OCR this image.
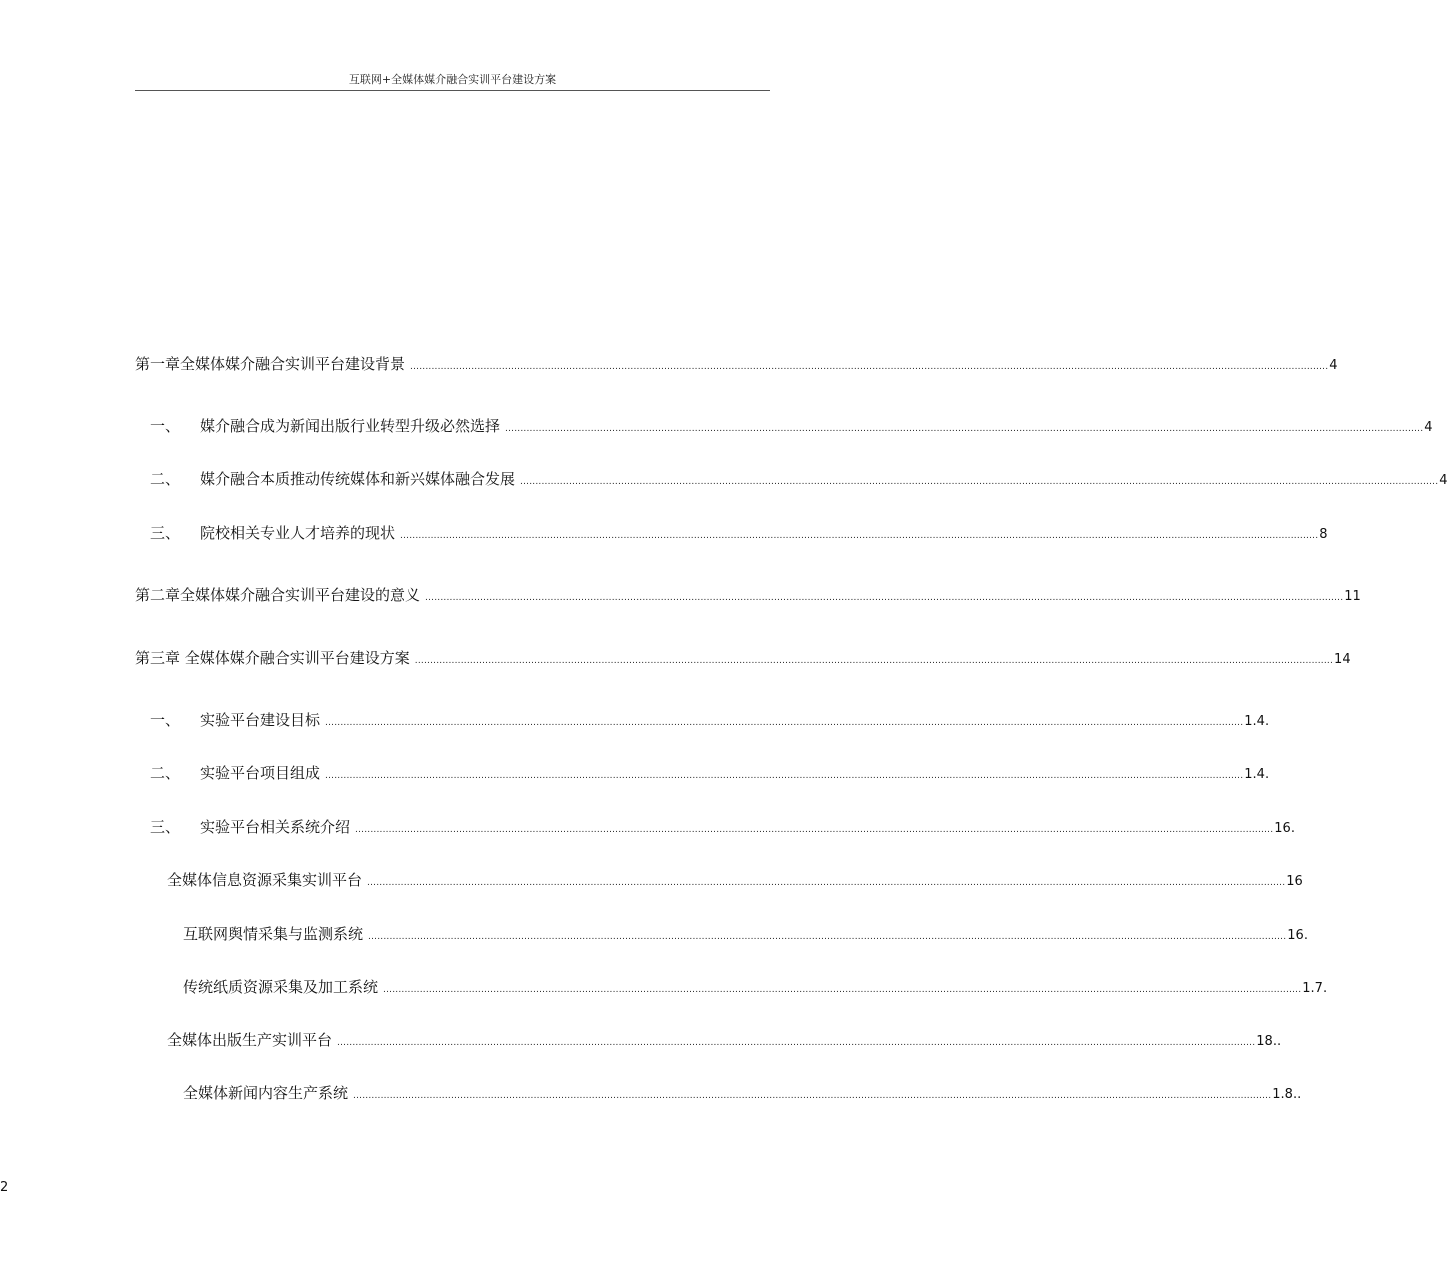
互联网+全媒体媒介融合实训平台建设方案
第一章全媒体媒介融合实训平台建设背景 ............................................................................................................................................................................................................................................................................................................ 4
一、	媒介融合成为新闻出版行业转型升级必然选择 ............................................................................................................................................................................................................................................................................................................ 4
二、	媒介融合本质推动传统媒体和新兴媒体融合发展 ............................................................................................................................................................................................................................................................................................................ 4
三、	院校相关专业人才培养的现状 ............................................................................................................................................................................................................................................................................................................ 8
第二章全媒体媒介融合实训平台建设的意义 ............................................................................................................................................................................................................................................................................................................ 11
第三章 全媒体媒介融合实训平台建设方案 ............................................................................................................................................................................................................................................................................................................ 14
一、	实验平台建设目标 ............................................................................................................................................................................................................................................................................................................ 1.4.
二、	实验平台项目组成 ............................................................................................................................................................................................................................................................................................................ 1.4.
三、	实验平台相关系统介绍 ............................................................................................................................................................................................................................................................................................................ 16.
全媒体信息资源采集实训平台 ............................................................................................................................................................................................................................................................................................................ 16
互联网舆情采集与监测系统 ............................................................................................................................................................................................................................................................................................................ 16.
传统纸质资源采集及加工系统 ............................................................................................................................................................................................................................................................................................................ 1.7.
全媒体出版生产实训平台 ............................................................................................................................................................................................................................................................................................................ 18..
全媒体新闻内容生产系统 ............................................................................................................................................................................................................................................................................................................ 1.8..
2
